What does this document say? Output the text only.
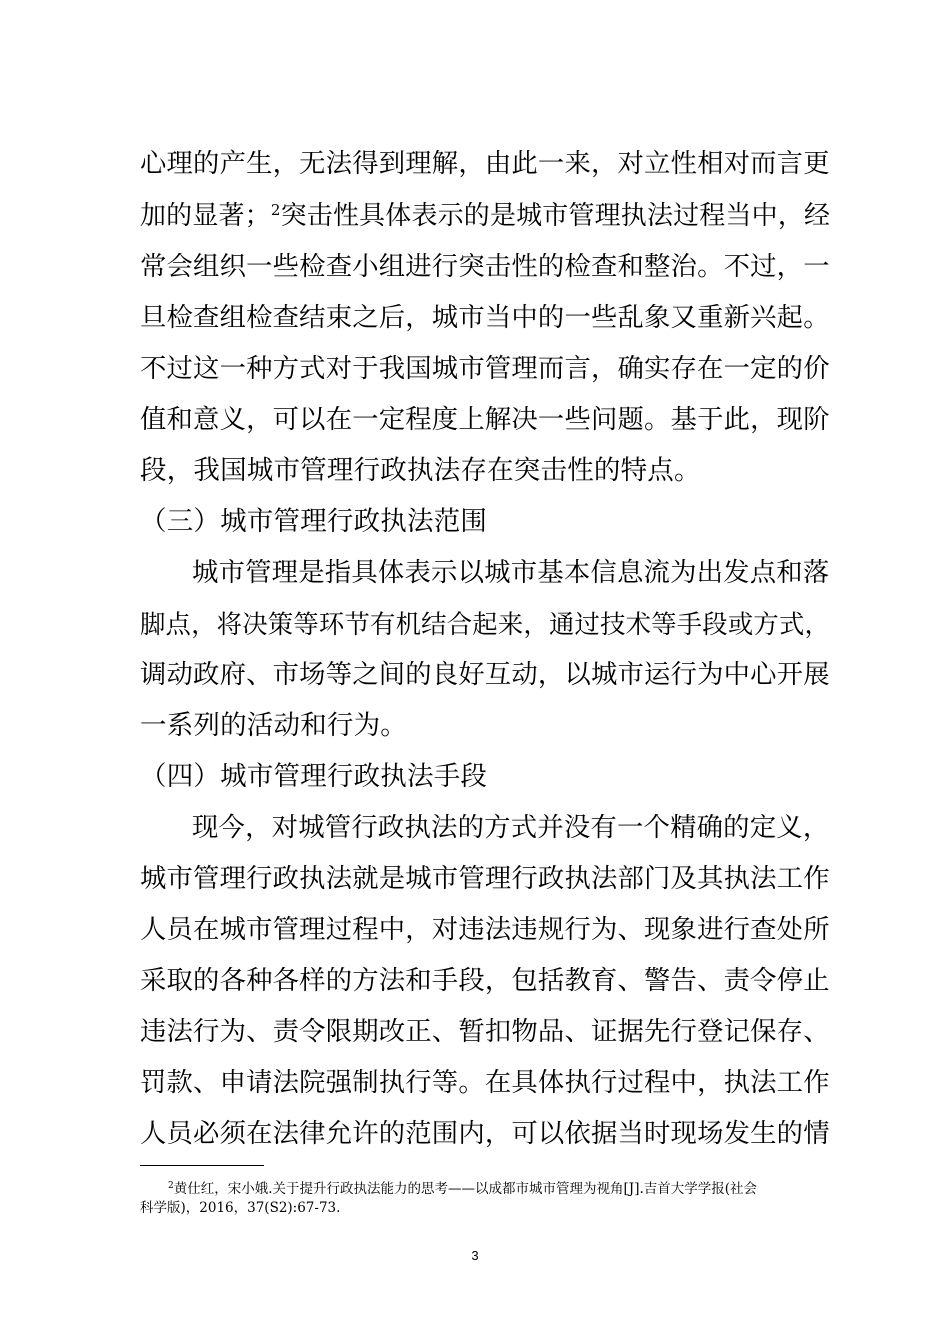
心理的产生，无法得到理解，由此一来，对立性相对而言更
加的显著；$^2$突击性具体表示的是城市管理执法过程当中，经
常会组织一些检查小组进行突击性的检查和整治。不过，一
旦检查组检查结束之后，城市当中的一些乱象又重新兴起。
不过这一种方式对于我国城市管理而言，确实存在一定的价
值和意义，可以在一定程度上解决一些问题。基于此，现阶
段，我国城市管理行政执法存在突击性的特点。
（三）城市管理行政执法范围
城市管理是指具体表示以城市基本信息流为出发点和落
脚点，将决策等环节有机结合起来，通过技术等手段或方式，
调动政府、市场等之间的良好互动，以城市运行为中心开展
一系列的活动和行为。
（四）城市管理行政执法手段
现今，对城管行政执法的方式并没有一个精确的定义，
城市管理行政执法就是城市管理行政执法部门及其执法工作
人员在城市管理过程中，对违法违规行为、现象进行查处所
采取的各种各样的方法和手段，包括教育、警告、责令停止
违法行为、责令限期改正、暂扣物品、证据先行登记保存、
罚款、申请法院强制执行等。在具体执行过程中，执法工作
人员必须在法律允许的范围内，可以依据当时现场发生的情
$^2$黄仕红，宋小娥.关于提升行政执法能力的思考——以成都市城市管理为视角[J].吉首大学学报(社会
科学版)，2016，37(S2):67-73.
3
